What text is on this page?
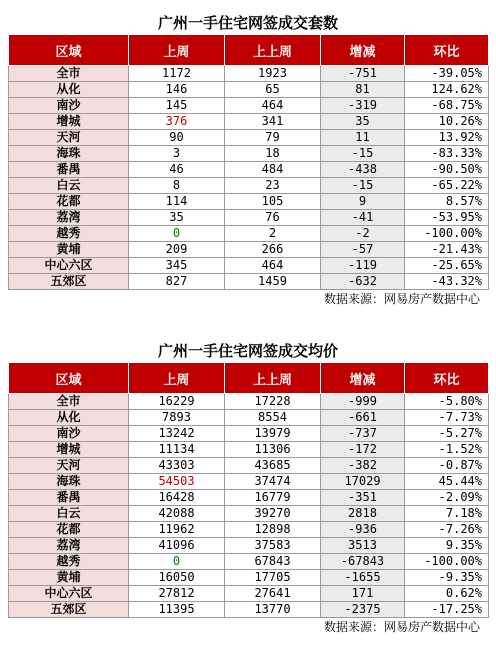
广州一手住宅网签成交套数
区域	上周	上上周	增减	环比
全市	1172	1923	-751	-39.05%
从化	146	65	81	124.62%
南沙	145	464	-319	-68.75%
增城	376	341	35	10.26%
天河	90	79	11	13.92%
海珠	3	18	-15	-83.33%
番禺	46	484	-438	-90.50%
白云	8	23	-15	-65.22%
花都	114	105	9	8.57%
荔湾	35	76	-41	-53.95%
越秀	0	2	-2	-100.00%
黄埔	209	266	-57	-21.43%
中心六区	345	464	-119	-25.65%
五郊区	827	1459	-632	-43.32%
数据来源：网易房产数据中心
广州一手住宅网签成交均价
区域	上周	上上周	增减	环比
全市	16229	17228	-999	-5.80%
从化	7893	8554	-661	-7.73%
南沙	13242	13979	-737	-5.27%
增城	11134	11306	-172	-1.52%
天河	43303	43685	-382	-0.87%
海珠	54503	37474	17029	45.44%
番禺	16428	16779	-351	-2.09%
白云	42088	39270	2818	7.18%
花都	11962	12898	-936	-7.26%
荔湾	41096	37583	3513	9.35%
越秀	0	67843	-67843	-100.00%
黄埔	16050	17705	-1655	-9.35%
中心六区	27812	27641	171	0.62%
五郊区	11395	13770	-2375	-17.25%
数据来源：网易房产数据中心
